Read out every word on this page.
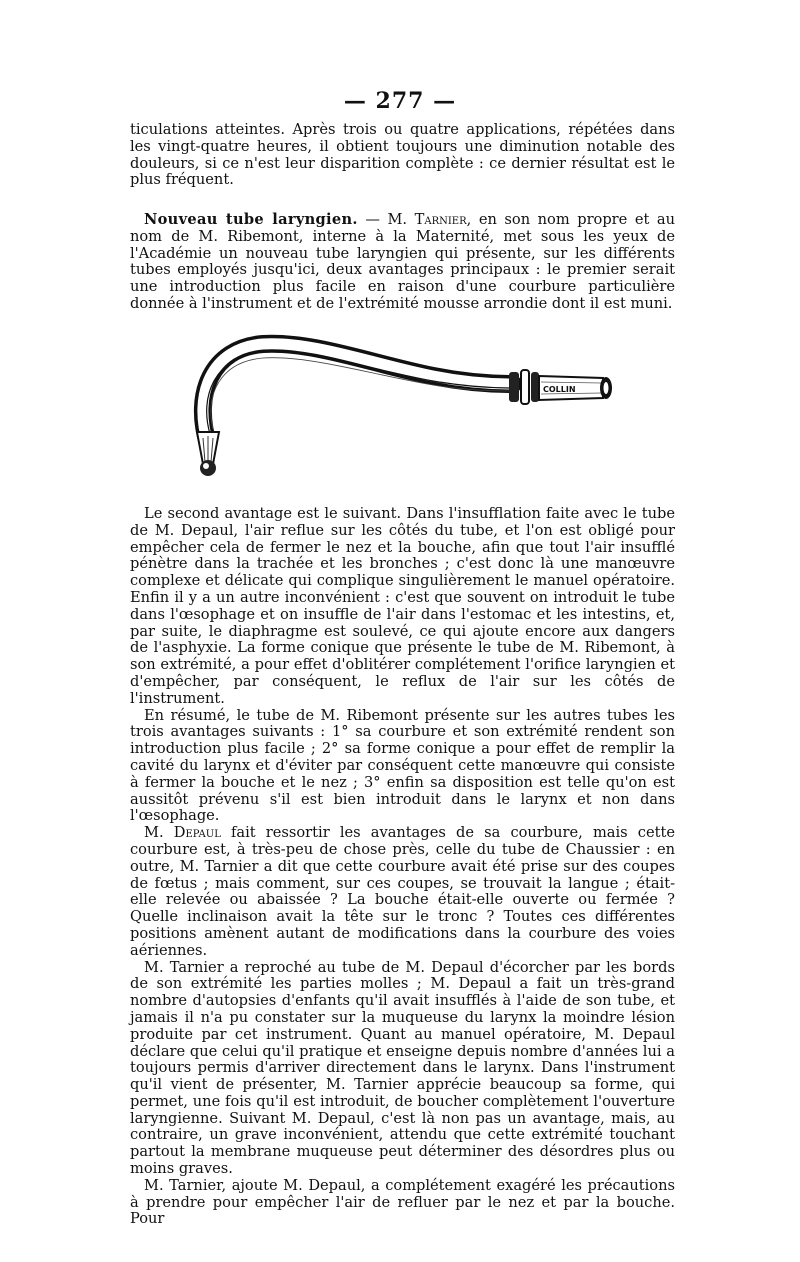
— 277 —

ticulations atteintes. Après trois ou quatre applications, répétées dans les vingt-quatre heures, il obtient toujours une diminution notable des douleurs, si ce n'est leur disparition complète : ce dernier résultat est le plus fréquent.

Nouveau tube laryngien. — M. Tarnier, en son nom propre et au nom de M. Ribemont, interne à la Maternité, met sous les yeux de l'Académie un nouveau tube laryngien qui présente, sur les différents tubes employés jusqu'ici, deux avantages principaux : le premier serait une introduction plus facile en raison d'une courbure particulière donnée à l'instrument et de l'extrémité mousse arrondie dont il est muni.

COLLIN

Le second avantage est le suivant. Dans l'insufflation faite avec le tube de M. Depaul, l'air reflue sur les côtés du tube, et l'on est obligé pour empêcher cela de fermer le nez et la bouche, afin que tout l'air insufflé pénètre dans la trachée et les bronches ; c'est donc là une manœuvre complexe et délicate qui complique singulièrement le manuel opératoire. Enfin il y a un autre inconvénient : c'est que souvent on introduit le tube dans l'œsophage et on insuffle de l'air dans l'estomac et les intestins, et, par suite, le diaphragme est soulevé, ce qui ajoute encore aux dangers de l'asphyxie. La forme conique que présente le tube de M. Ribemont, à son extrémité, a pour effet d'oblitérer complétement l'orifice laryngien et d'empêcher, par conséquent, le reflux de l'air sur les côtés de l'instrument.

En résumé, le tube de M. Ribemont présente sur les autres tubes les trois avantages suivants : 1° sa courbure et son extrémité rendent son introduction plus facile ; 2° sa forme conique a pour effet de remplir la cavité du larynx et d'éviter par conséquent cette manœuvre qui consiste à fermer la bouche et le nez ; 3° enfin sa disposition est telle qu'on est aussitôt prévenu s'il est bien introduit dans le larynx et non dans l'œsophage.

M. Depaul fait ressortir les avantages de sa courbure, mais cette courbure est, à très-peu de chose près, celle du tube de Chaussier : en outre, M. Tarnier a dit que cette courbure avait été prise sur des coupes de fœtus ; mais comment, sur ces coupes, se trouvait la langue ; était-elle relevée ou abaissée ? La bouche était-elle ouverte ou fermée ? Quelle inclinaison avait la tête sur le tronc ? Toutes ces différentes positions amènent autant de modifications dans la courbure des voies aériennes.

M. Tarnier a reproché au tube de M. Depaul d'écorcher par les bords de son extrémité les parties molles ; M. Depaul a fait un très-grand nombre d'autopsies d'enfants qu'il avait insufflés à l'aide de son tube, et jamais il n'a pu constater sur la muqueuse du larynx la moindre lésion produite par cet instrument. Quant au manuel opératoire, M. Depaul déclare que celui qu'il pratique et enseigne depuis nombre d'années lui a toujours permis d'arriver directement dans le larynx. Dans l'instrument qu'il vient de présenter, M. Tarnier apprécie beaucoup sa forme, qui permet, une fois qu'il est introduit, de boucher complètement l'ouverture laryngienne. Suivant M. Depaul, c'est là non pas un avantage, mais, au contraire, un grave inconvénient, attendu que cette extrémité touchant partout la membrane muqueuse peut déterminer des désordres plus ou moins graves.

M. Tarnier, ajoute M. Depaul, a complétement exagéré les précautions à prendre pour empêcher l'air de refluer par le nez et par la bouche. Pour
